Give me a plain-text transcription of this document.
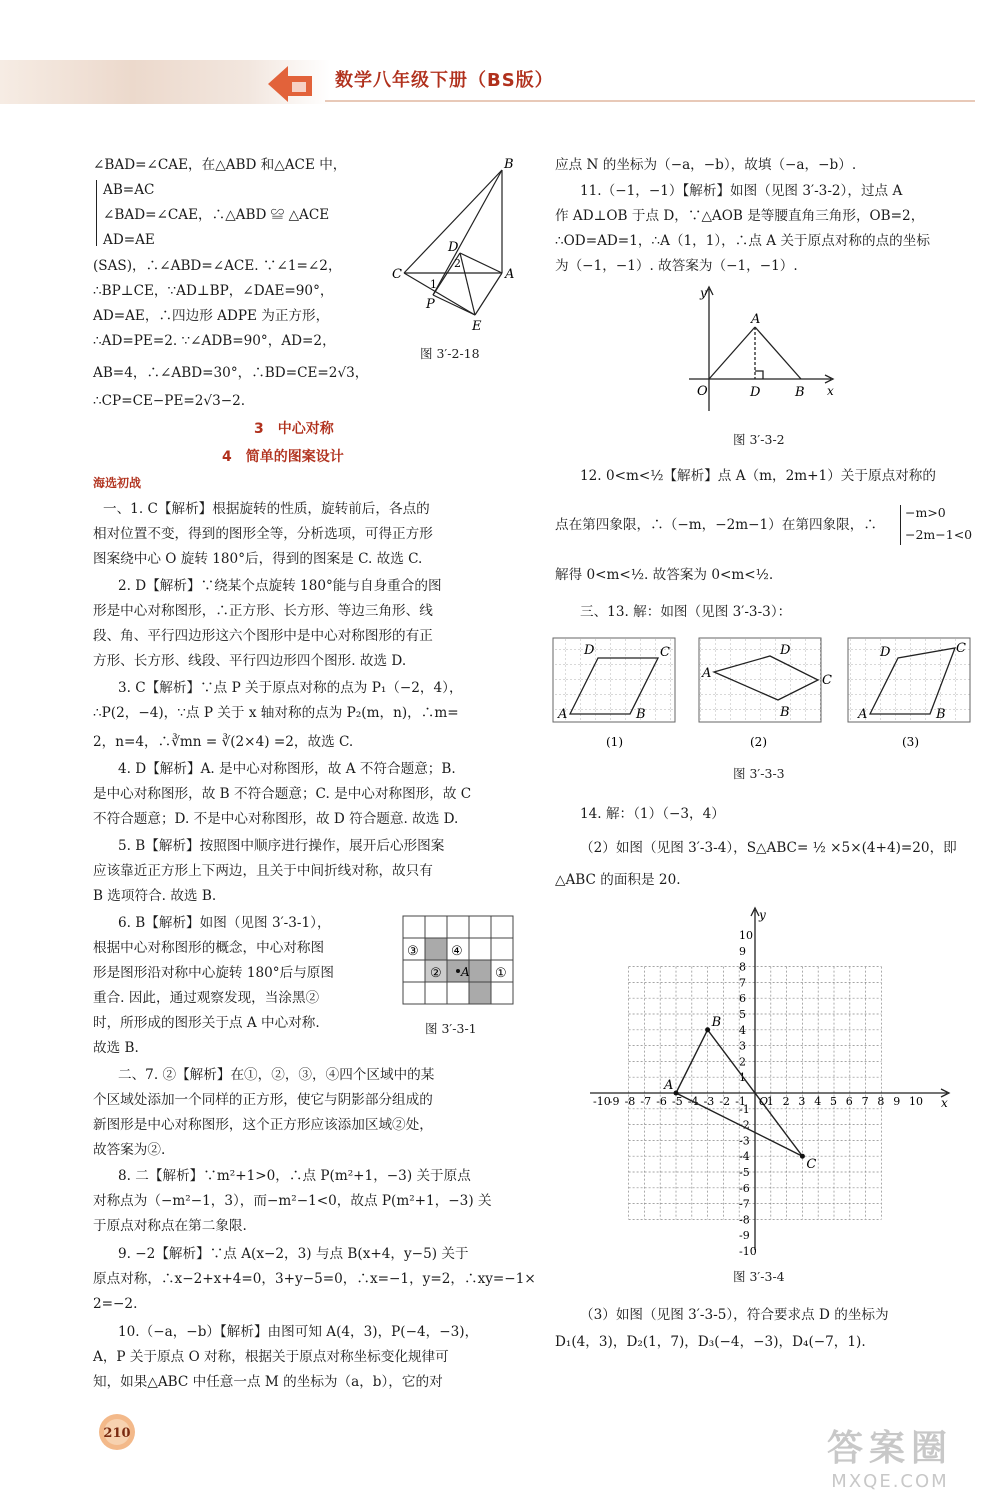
数学八年级下册（BS版）
∠BAD=∠CAE，在△ABD 和△ACE 中，
AB=AC
∠BAD=∠CAE，∴△ABD ≌ △ACE
AD=AE
(SAS)，∴∠ABD=∠ACE. ∵∠1=∠2，
∴BP⊥CE，∵AD⊥BP，∠DAE=90°，
AD=AE，∴四边形 ADPE 为正方形，
∴AD=PE=2. ∵∠ADB=90°，AD=2，
AB=4，∴∠ABD=30°，∴BD=CE=2√3，
∴CP=CE−PE=2√3−2.
B
D
2
C
1
A
P
E
图 3′-2-18
3　中心对称
4　简单的图案设计
海选初战
一、1. C【解析】根据旋转的性质，旋转前后，各点的
相对位置不变，得到的图形全等，分析选项，可得正方形
图案绕中心 O 旋转 180°后，得到的图案是 C. 故选 C.
2. D【解析】∵绕某个点旋转 180°能与自身重合的图
形是中心对称图形，∴正方形、长方形、等边三角形、线
段、角、平行四边形这六个图形中是中心对称图形的有正
方形、长方形、线段、平行四边形四个图形. 故选 D.
3. C【解析】∵点 P 关于原点对称的点为 P₁（−2，4），
∴P(2，−4)，∵点 P 关于 x 轴对称的点为 P₂(m，n)，∴m=
2，n=4，∴∛mn = ∛(2×4) =2，故选 C.
4. D【解析】A. 是中心对称图形，故 A 不符合题意；B.
是中心对称图形，故 B 不符合题意；C. 是中心对称图形，故 C
不符合题意；D. 不是中心对称图形，故 D 符合题意. 故选 D.
5. B【解析】按照图中顺序进行操作，展开后心形图案
应该靠近正方形上下两边，且关于中间折线对称，故只有
B 选项符合. 故选 B.
6. B【解析】如图（见图 3′-3-1），
根据中心对称图形的概念，中心对称图
形是图形沿对称中心旋转 180°后与原图
重合. 因此，通过观察发现，当涂黑②
时，所形成的图形关于点 A 中心对称.
故选 B.
③ ④
A ①
②
图 3′-3-1
二、7. ②【解析】在①，②，③，④四个区域中的某
个区域处添加一个同样的正方形，使它与阴影部分组成的
新图形是中心对称图形，这个正方形应该添加区域②处，
故答案为②.
8. 二【解析】∵m²+1>0，∴点 P(m²+1，−3) 关于原点
对称点为（−m²−1，3），而−m²−1<0，故点 P(m²+1，−3) 关
于原点对称点在第二象限.
9. −2【解析】∵点 A(x−2，3) 与点 B(x+4，y−5) 关于
原点对称，∴x−2+x+4=0，3+y−5=0，∴x=−1，y=2，∴xy=−1×
2=−2.
10.（−a，−b）【解析】由图可知 A(4，3)，P(−4，−3)，
A，P 关于原点 O 对称，根据关于原点对称坐标变化规律可
知，如果△ABC 中任意一点 M 的坐标为（a，b），它的对
应点 N 的坐标为（−a，−b），故填（−a，−b）.
11.（−1，−1）【解析】如图（见图 3′-3-2），过点 A
作 AD⊥OB 于点 D，∵△AOB 是等腰直角三角形，OB=2，
∴OD=AD=1，∴A（1，1），∴点 A 关于原点对称的点的坐标
为（−1，−1）. 故答案为（−1，−1）.
y
A
O	D	B x
图 3′-3-2
12. 0<m<½【解析】点 A（m，2m+1）关于原点对称的
点在第四象限，∴（−m，−2m−1）在第四象限，∴
−m>0
−2m−1<0
解得 0<m<½. 故答案为 0<m<½.
三、13. 解：如图（见图 3′-3-3）：
D	C
A	B
D
C
A
B
D	C
A	B
(1)	(2)	(3)
图 3′-3-3
14. 解：（1）（−3，4）
（2）如图（见图 3′-3-4），S△ABC= ½ ×5×(4+4)=20，即
△ABC 的面积是 20.
-10
-10
-9
-9
-8
-8
-7
-7
-6
-6
-5
-5
-4
-4
-3
-3
-2
-2
-1
-1
1
1
2
2
3
3
4
4
5
5
6
6
7
7
8
8
9
9
10
10
A
B
C
x
y
O
图 3′-3-4
（3）如图（见图 3′-3-5），符合要求点 D 的坐标为
D₁(4，3)，D₂(1，7)，D₃(−4，−3)，D₄(−7，1).
210	答案圈
MXQE.COM
